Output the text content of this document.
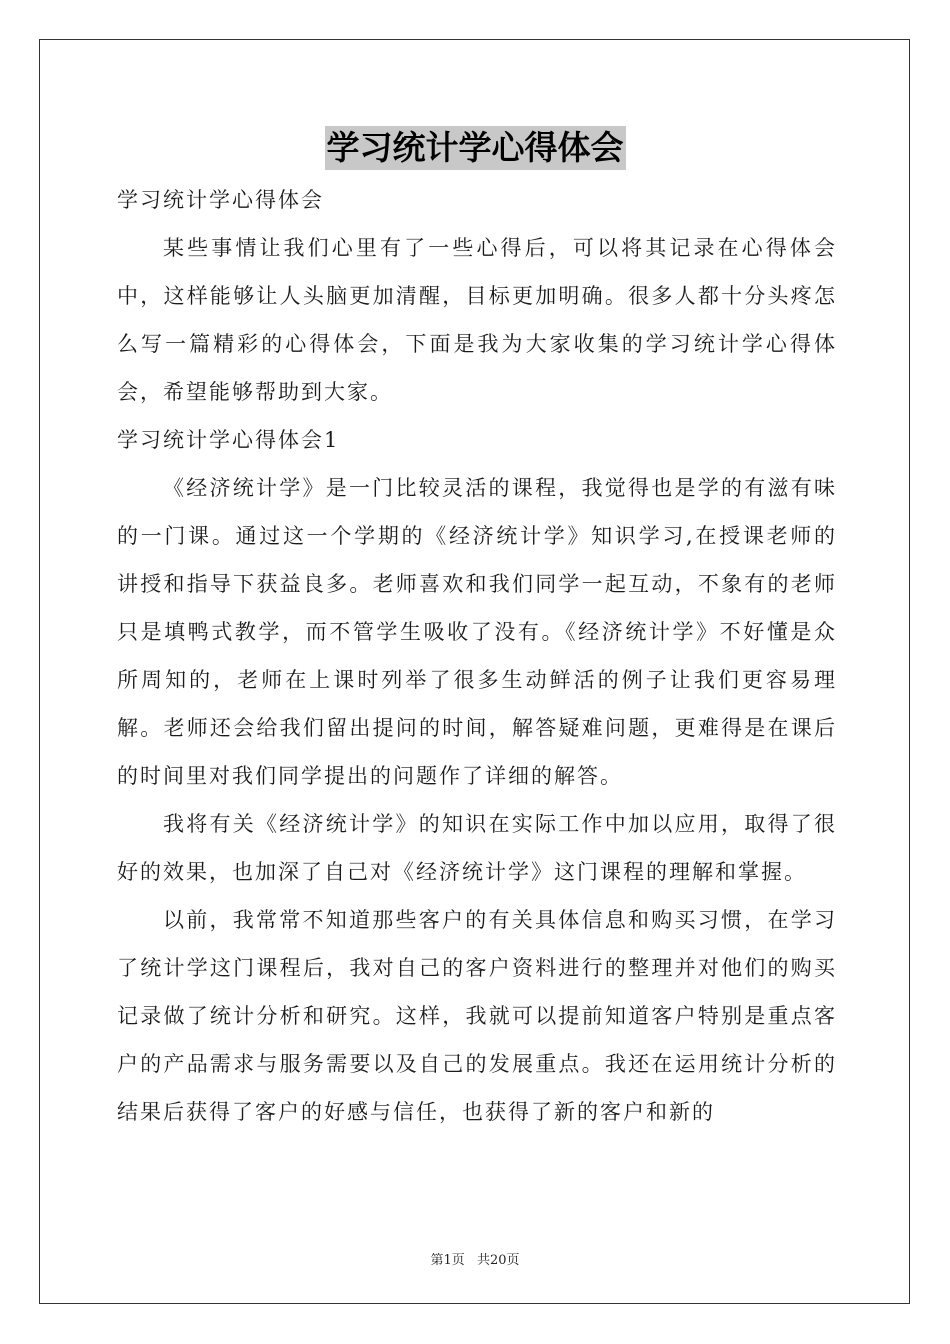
学习统计学心得体会

学习统计学心得体会

某些事情让我们心里有了一些心得后，可以将其记录在心得体会中，这样能够让人头脑更加清醒，目标更加明确。很多人都十分头疼怎么写一篇精彩的心得体会，下面是我为大家收集的学习统计学心得体会，希望能够帮助到大家。

学习统计学心得体会1

《经济统计学》是一门比较灵活的课程，我觉得也是学的有滋有味的一门课。通过这一个学期的《经济统计学》知识学习,在授课老师的讲授和指导下获益良多。老师喜欢和我们同学一起互动，不象有的老师只是填鸭式教学，而不管学生吸收了没有。《经济统计学》不好懂是众所周知的，老师在上课时列举了很多生动鲜活的例子让我们更容易理解。老师还会给我们留出提问的时间，解答疑难问题，更难得是在课后的时间里对我们同学提出的问题作了详细的解答。

我将有关《经济统计学》的知识在实际工作中加以应用，取得了很好的效果，也加深了自己对《经济统计学》这门课程的理解和掌握。

以前，我常常不知道那些客户的有关具体信息和购买习惯，在学习了统计学这门课程后，我对自己的客户资料进行的整理并对他们的购买记录做了统计分析和研究。这样，我就可以提前知道客户特别是重点客户的产品需求与服务需要以及自己的发展重点。我还在运用统计分析的结果后获得了客户的好感与信任，也获得了新的客户和新的

第1页 共20页
